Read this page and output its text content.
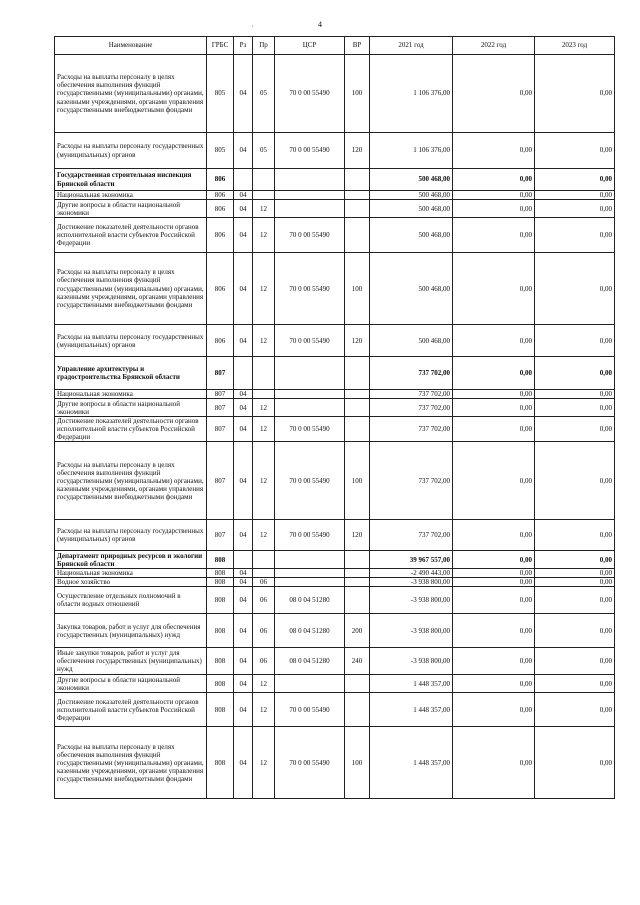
4
,
Наименование	ГРБС	Рз	Пр	ЦСР	ВР	2021 год	2022 год	2023 год
Расходы на выплаты персоналу в целях обеспечения выполнения функций государственными (муниципальными) органами, казенными учреждениями, органами управления государственными внебюджетными фондами	805	04	05	70 0 00 55490	100	1 106 376,00	0,00	0,00
Расходы на выплаты персоналу государственных (муниципальных) органов	805	04	05	70 0 00 55490	120	1 106 376,00	0,00	0,00
Государственная строительная инспекция Брянской области	806					500 468,00	0,00	0,00
Национальная экономика	806	04				500 468,00	0,00	0,00
Другие вопросы в области национальной экономики	806	04	12			500 468,00	0,00	0,00
Достижение показателей деятельности органов исполнительной власти субъектов Российской Федерации	806	04	12	70 0 00 55490		500 468,00	0,00	0,00
Расходы на выплаты персоналу в целях обеспечения выполнения функций государственными (муниципальными) органами, казенными учреждениями, органами управления государственными внебюджетными фондами	806	04	12	70 0 00 55490	100	500 468,00	0,00	0,00
Расходы на выплаты персоналу государственных (муниципальных) органов	806	04	12	70 0 00 55490	120	500 468,00	0,00	0,00
Управление архитектуры и градостроительства Брянской области	807					737 702,00	0,00	0,00
Национальная экономика	807	04				737 702,00	0,00	0,00
Другие вопросы в области национальной экономики	807	04	12			737 702,00	0,00	0,00
Достижение показателей деятельности органов исполнительной власти субъектов Российской Федерации	807	04	12	70 0 00 55490		737 702,00	0,00	0,00
Расходы на выплаты персоналу в целях обеспечения выполнения функций государственными (муниципальными) органами, казенными учреждениями, органами управления государственными внебюджетными фондами	807	04	12	70 0 00 55490	100	737 702,00	0,00	0,00
Расходы на выплаты персоналу государственных (муниципальных) органов	807	04	12	70 0 00 55490	120	737 702,00	0,00	0,00
Департамент природных ресурсов и экологии Брянской области	808					39 967 557,00	0,00	0,00
Национальная экономика	808	04				-2 490 443,00	0,00	0,00
Водное хозяйство	808	04	06			-3 938 800,00	0,00	0,00
Осуществление отдельных полномочий в области водных отношений	808	04	06	08 0 04 51280		-3 938 800,00	0,00	0,00
Закупка товаров, работ и услуг для обеспечения государственных (муниципальных) нужд	808	04	06	08 0 04 51280	200	-3 938 800,00	0,00	0,00
Иные закупки товаров, работ и услуг для обеспечения государственных (муниципальных) нужд	808	04	06	08 0 04 51280	240	-3 938 800,00	0,00	0,00
Другие вопросы в области национальной экономики	808	04	12			1 448 357,00	0,00	0,00
Достижение показателей деятельности органов исполнительной власти субъектов Российской Федерации	808	04	12	70 0 00 55490		1 448 357,00	0,00	0,00
Расходы на выплаты персоналу в целях обеспечения выполнения функций государственными (муниципальными) органами, казенными учреждениями, органами управления государственными внебюджетными фондами	808	04	12	70 0 00 55490	100	1 448 357,00	0,00	0,00
